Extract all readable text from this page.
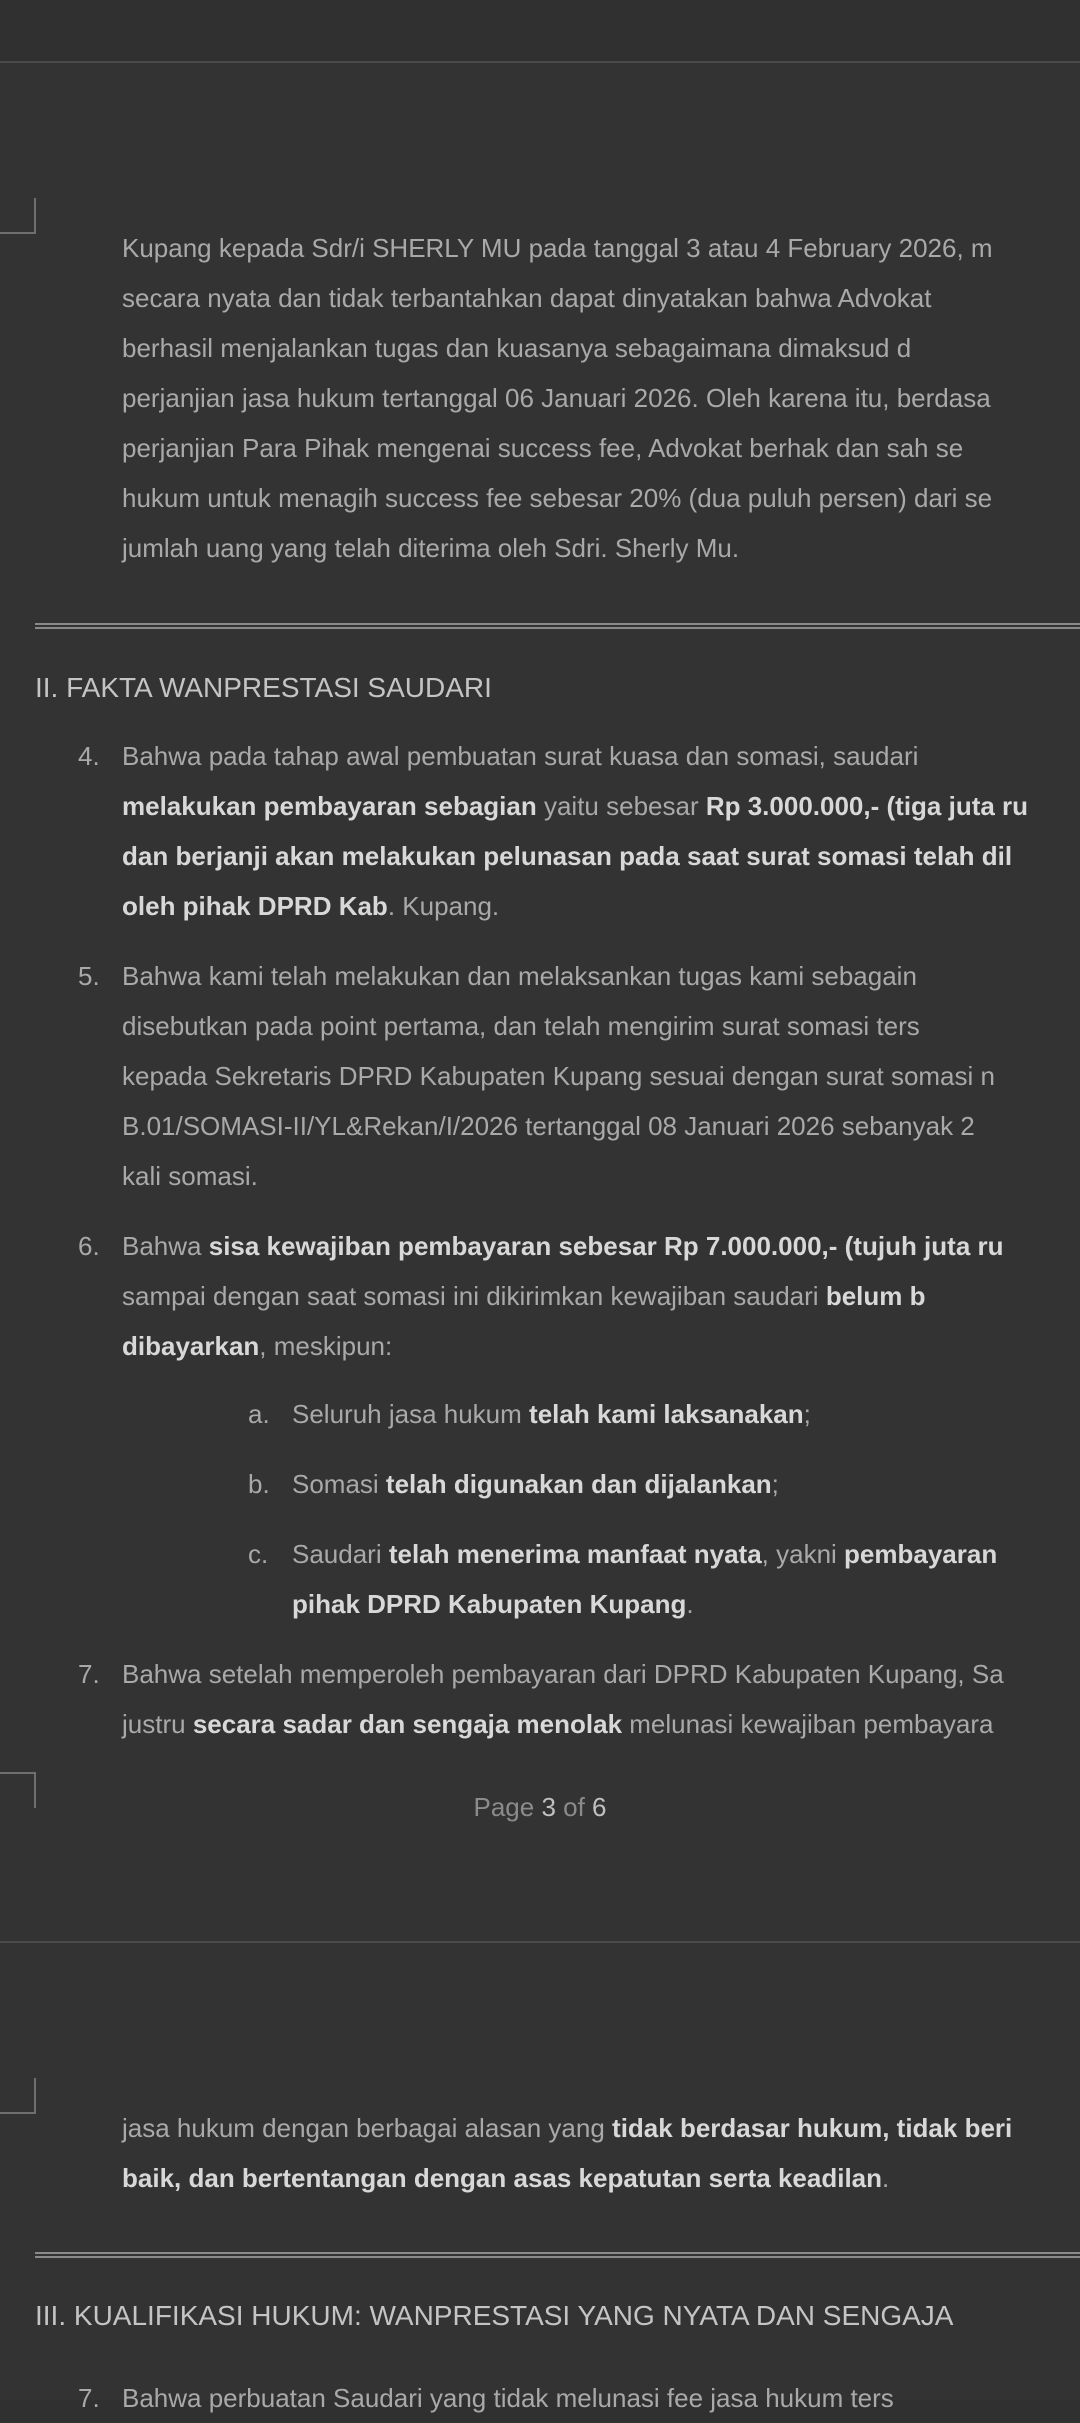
Kupang kepada Sdr/i SHERLY MU pada tanggal 3 atau 4 February 2026, m
secara nyata dan tidak terbantahkan dapat dinyatakan bahwa Advokat
berhasil menjalankan tugas dan kuasanya sebagaimana dimaksud d
perjanjian jasa hukum tertanggal 06 Januari 2026. Oleh karena itu, berdasa
perjanjian Para Pihak mengenai success fee, Advokat berhak dan sah se
hukum untuk menagih success fee sebesar 20% (dua puluh persen) dari se
jumlah uang yang telah diterima oleh Sdri. Sherly Mu.
II. FAKTA WANPRESTASI SAUDARI
4. Bahwa pada tahap awal pembuatan surat kuasa dan somasi, saudari
melakukan pembayaran sebagian yaitu sebesar Rp 3.000.000,- (tiga juta ru
dan berjanji akan melakukan pelunasan pada saat surat somasi telah dil
oleh pihak DPRD Kab. Kupang.
5. Bahwa kami telah melakukan dan melaksankan tugas kami sebagain
disebutkan pada point pertama, dan telah mengirim surat somasi ters
kepada Sekretaris DPRD Kabupaten Kupang sesuai dengan surat somasi n
B.01/SOMASI-II/YL&Rekan/I/2026 tertanggal 08 Januari 2026 sebanyak 2
kali somasi.
6. Bahwa sisa kewajiban pembayaran sebesar Rp 7.000.000,- (tujuh juta ru
sampai dengan saat somasi ini dikirimkan kewajiban saudari belum b
dibayarkan, meskipun:
a. Seluruh jasa hukum telah kami laksanakan;
b. Somasi telah digunakan dan dijalankan;
c. Saudari telah menerima manfaat nyata, yakni pembayaran
pihak DPRD Kabupaten Kupang.
7. Bahwa setelah memperoleh pembayaran dari DPRD Kabupaten Kupang, Sa
justru secara sadar dan sengaja menolak melunasi kewajiban pembayara
Page 3 of 6
jasa hukum dengan berbagai alasan yang tidak berdasar hukum, tidak beri
baik, dan bertentangan dengan asas kepatutan serta keadilan.
III. KUALIFIKASI HUKUM: WANPRESTASI YANG NYATA DAN SENGAJA
7. Bahwa perbuatan Saudari yang tidak melunasi fee jasa hukum ters
